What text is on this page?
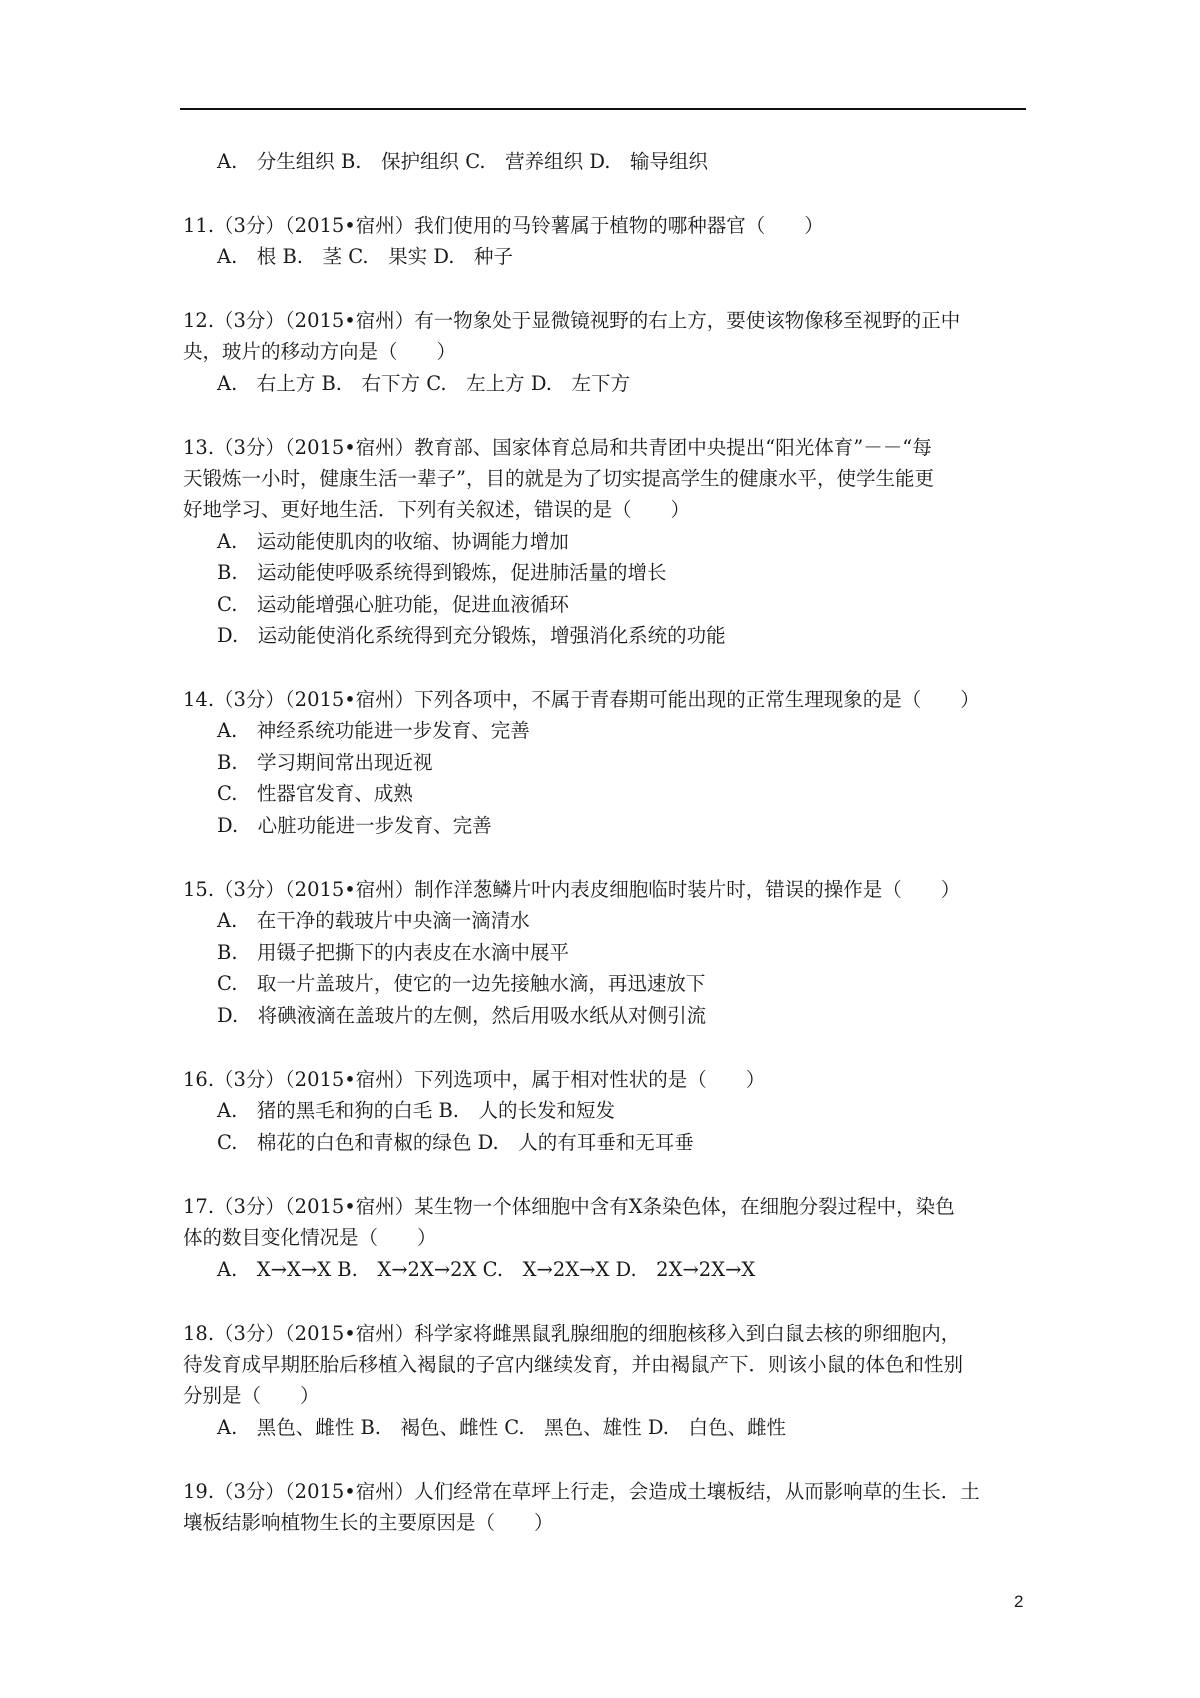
A.　分生组织 B.　保护组织 C.　营养组织 D.　输导组织
11.（3分）（2015•宿州）我们使用的马铃薯属于植物的哪种器官（　　）
A.　根 B.　茎 C.　果实 D.　种子
12.（3分）（2015•宿州）有一物象处于显微镜视野的右上方，要使该物像移至视野的正中
央，玻片的移动方向是（　　）
A.　右上方 B.　右下方 C.　左上方 D.　左下方
13.（3分）（2015•宿州）教育部、国家体育总局和共青团中央提出“阳光体育”－－“每
天锻炼一小时，健康生活一辈子”，目的就是为了切实提高学生的健康水平，使学生能更
好地学习、更好地生活．下列有关叙述，错误的是（　　）
A.　运动能使肌肉的收缩、协调能力增加
B.　运动能使呼吸系统得到锻炼，促进肺活量的增长
C.　运动能增强心脏功能，促进血液循环
D.　运动能使消化系统得到充分锻炼，增强消化系统的功能
14.（3分）（2015•宿州）下列各项中，不属于青春期可能出现的正常生理现象的是（　　）
A.　神经系统功能进一步发育、完善
B.　学习期间常出现近视
C.　性器官发育、成熟
D.　心脏功能进一步发育、完善
15.（3分）（2015•宿州）制作洋葱鳞片叶内表皮细胞临时装片时，错误的操作是（　　）
A.　在干净的载玻片中央滴一滴清水
B.　用镊子把撕下的内表皮在水滴中展平
C.　取一片盖玻片，使它的一边先接触水滴，再迅速放下
D.　将碘液滴在盖玻片的左侧，然后用吸水纸从对侧引流
16.（3分）（2015•宿州）下列选项中，属于相对性状的是（　　）
A.　猪的黑毛和狗的白毛 B.　人的长发和短发
C.　棉花的白色和青椒的绿色 D.　人的有耳垂和无耳垂
17.（3分）（2015•宿州）某生物一个体细胞中含有X条染色体，在细胞分裂过程中，染色
体的数目变化情况是（　　）
A.　X→X→X B.　X→2X→2X C.　X→2X→X D.　2X→2X→X
18.（3分）（2015•宿州）科学家将雌黑鼠乳腺细胞的细胞核移入到白鼠去核的卵细胞内，
待发育成早期胚胎后移植入褐鼠的子宫内继续发育，并由褐鼠产下．则该小鼠的体色和性别
分别是（　　）
A.　黑色、雌性 B.　褐色、雌性 C.　黑色、雄性 D.　白色、雌性
19.（3分）（2015•宿州）人们经常在草坪上行走，会造成土壤板结，从而影响草的生长．土
壤板结影响植物生长的主要原因是（　　）
2
